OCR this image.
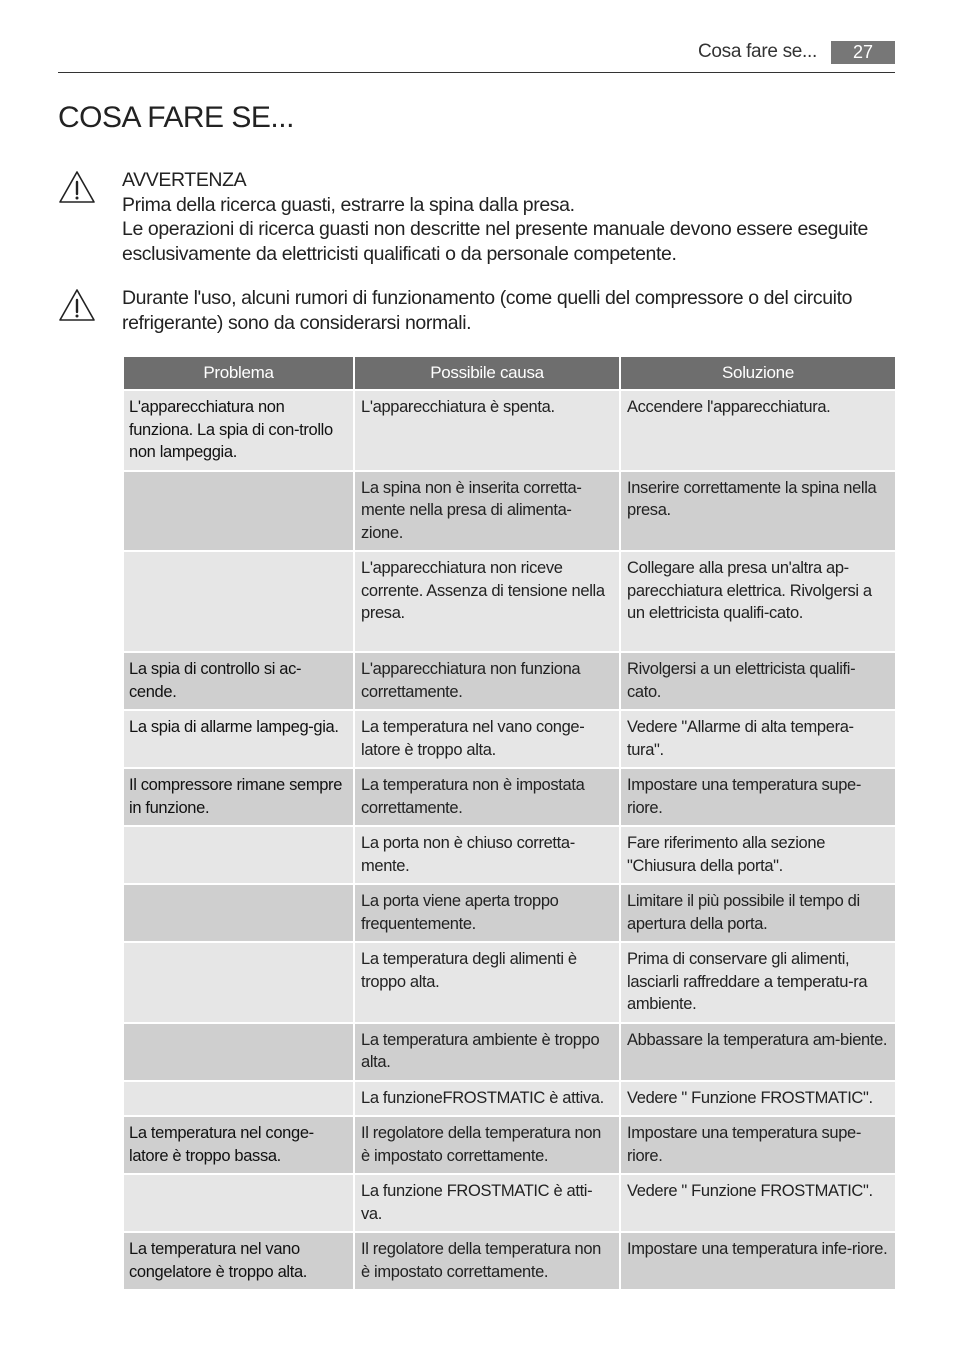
Cosa fare se...	27
COSA FARE SE...
AVVERTENZA
Prima della ricerca guasti, estrarre la spina dalla presa.
Le operazioni di ricerca guasti non descritte nel presente manuale devono essere eseguite
esclusivamente da elettricisti qualificati o da personale competente.
Durante l'uso, alcuni rumori di funzionamento (come quelli del compressore o del circuito
refrigerante) sono da considerarsi normali.
Problema	Possibile causa	Soluzione
L'apparecchiatura non funziona. La spia di con-trollo non lampeggia.	L'apparecchiatura è spenta.	Accendere l'apparecchiatura.
	La spina non è inserita corretta-mente nella presa di alimenta-zione.	Inserire correttamente la spina nella presa.
	L'apparecchiatura non riceve corrente. Assenza di tensione nella presa.	Collegare alla presa un'altra ap-parecchiatura elettrica. Rivolgersi a un elettricista qualifi-cato.
La spia di controllo si ac-cende.	L'apparecchiatura non funziona correttamente.	Rivolgersi a un elettricista qualifi-cato.
La spia di allarme lampeg-gia.	La temperatura nel vano conge-latore è troppo alta.	Vedere "Allarme di alta tempera-tura".
Il compressore rimane sempre in funzione.	La temperatura non è impostata correttamente.	Impostare una temperatura supe-riore.
	La porta non è chiuso corretta-mente.	Fare riferimento alla sezione "Chiusura della porta".
	La porta viene aperta troppo frequentemente.	Limitare il più possibile il tempo di apertura della porta.
	La temperatura degli alimenti è troppo alta.	Prima di conservare gli alimenti, lasciarli raffreddare a temperatu-ra ambiente.
	La temperatura ambiente è troppo alta.	Abbassare la temperatura am-biente.
	La funzioneFROSTMATIC è attiva.	Vedere " Funzione FROSTMATIC".
La temperatura nel conge-latore è troppo bassa.	Il regolatore della temperatura non è impostato correttamente.	Impostare una temperatura supe-riore.
	La funzione FROSTMATIC è atti-va.	Vedere " Funzione FROSTMATIC".
La temperatura nel vano congelatore è troppo alta.	Il regolatore della temperatura non è impostato correttamente.	Impostare una temperatura infe-riore.
